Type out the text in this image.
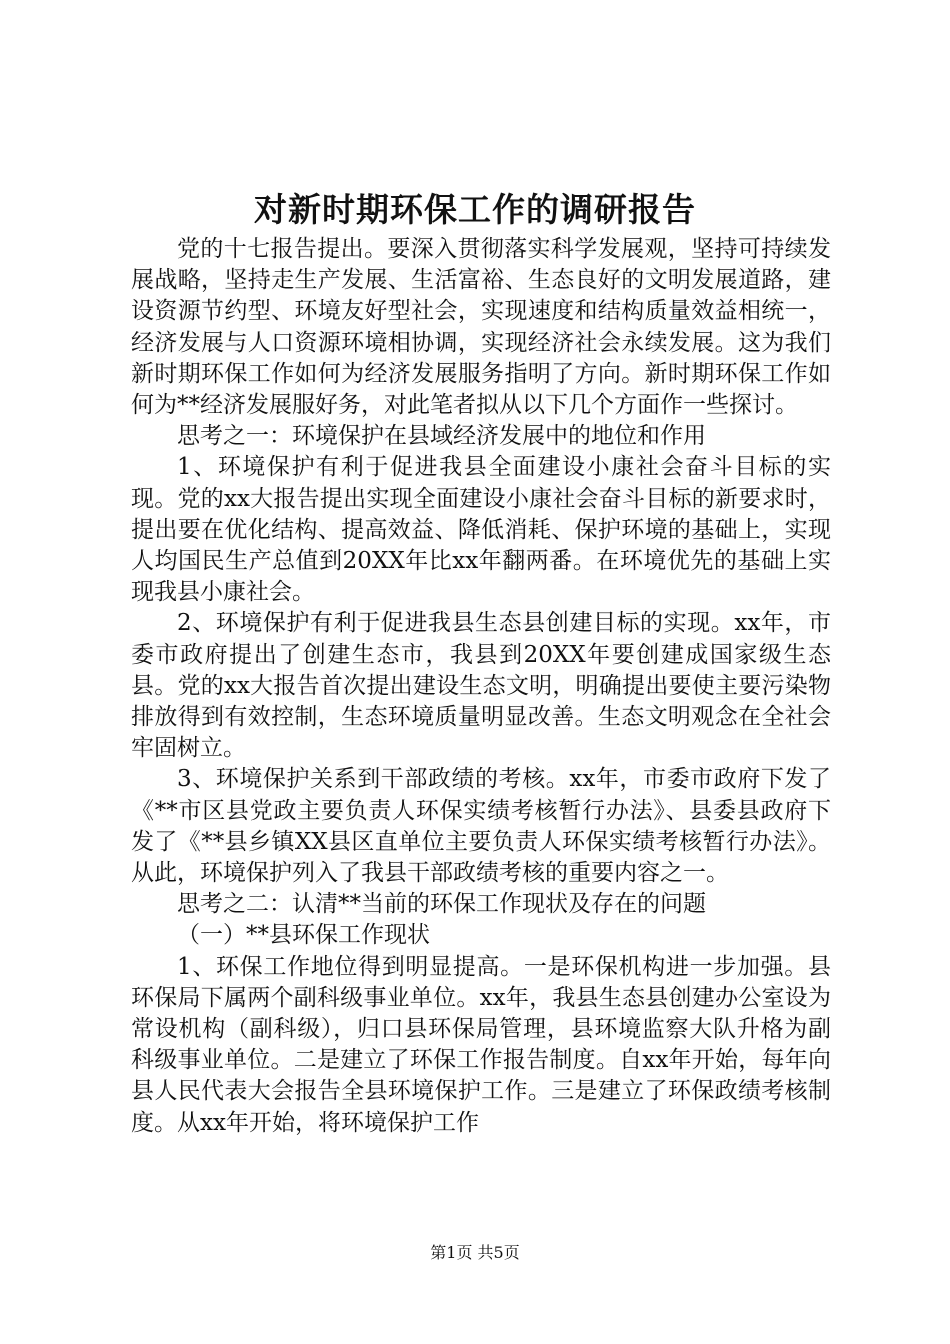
对新时期环保工作的调研报告

党的十七报告提出。要深入贯彻落实科学发展观，坚持可持续发展战略，坚持走生产发展、生活富裕、生态良好的文明发展道路，建设资源节约型、环境友好型社会，实现速度和结构质量效益相统一，经济发展与人口资源环境相协调，实现经济社会永续发展。这为我们新时期环保工作如何为经济发展服务指明了方向。新时期环保工作如何为**经济发展服好务，对此笔者拟从以下几个方面作一些探讨。

思考之一：环境保护在县域经济发展中的地位和作用

1、环境保护有利于促进我县全面建设小康社会奋斗目标的实现。党的xx大报告提出实现全面建设小康社会奋斗目标的新要求时，提出要在优化结构、提高效益、降低消耗、保护环境的基础上，实现人均国民生产总值到20XX年比xx年翻两番。在环境优先的基础上实现我县小康社会。

2、环境保护有利于促进我县生态县创建目标的实现。xx年，市委市政府提出了创建生态市，我县到20XX年要创建成国家级生态县。党的xx大报告首次提出建设生态文明，明确提出要使主要污染物排放得到有效控制，生态环境质量明显改善。生态文明观念在全社会牢固树立。

3、环境保护关系到干部政绩的考核。xx年，市委市政府下发了《**市区县党政主要负责人环保实绩考核暂行办法》、县委县政府下发了《**县乡镇XX县区直单位主要负责人环保实绩考核暂行办法》。从此，环境保护列入了我县干部政绩考核的重要内容之一。

思考之二：认清**当前的环保工作现状及存在的问题

（一）**县环保工作现状

1、环保工作地位得到明显提高。一是环保机构进一步加强。县环保局下属两个副科级事业单位。xx年，我县生态县创建办公室设为常设机构（副科级），归口县环保局管理，县环境监察大队升格为副科级事业单位。二是建立了环保工作报告制度。自xx年开始，每年向县人民代表大会报告全县环境保护工作。三是建立了环保政绩考核制度。从xx年开始，将环境保护工作

第1页 共5页
